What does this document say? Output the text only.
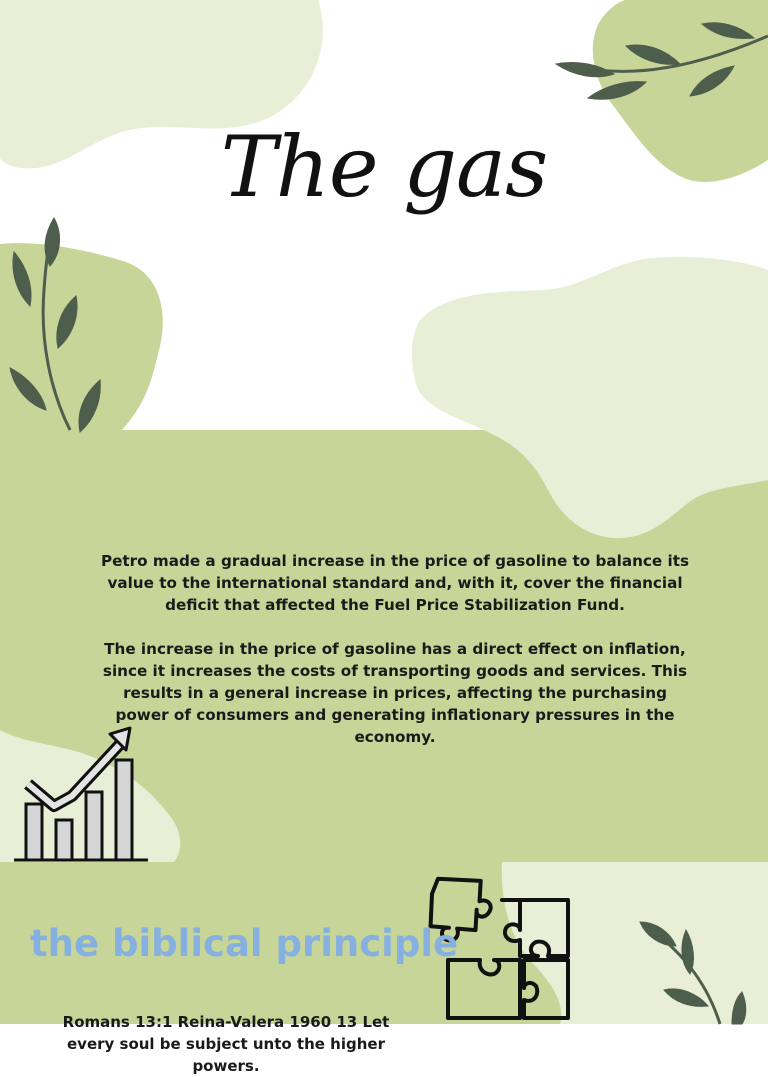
The gas

Petro made a gradual increase in the price of gasoline to balance its value to the international standard and, with it, cover the financial deficit that affected the Fuel Price Stabilization Fund.

The increase in the price of gasoline has a direct effect on inflation, since it increases the costs of transporting goods and services. This results in a general increase in prices, affecting the purchasing power of consumers and generating inflationary pressures in the economy.

the biblical principle

Romans 13:1 Reina-Valera 1960 13 Let every soul be subject unto the higher powers.
